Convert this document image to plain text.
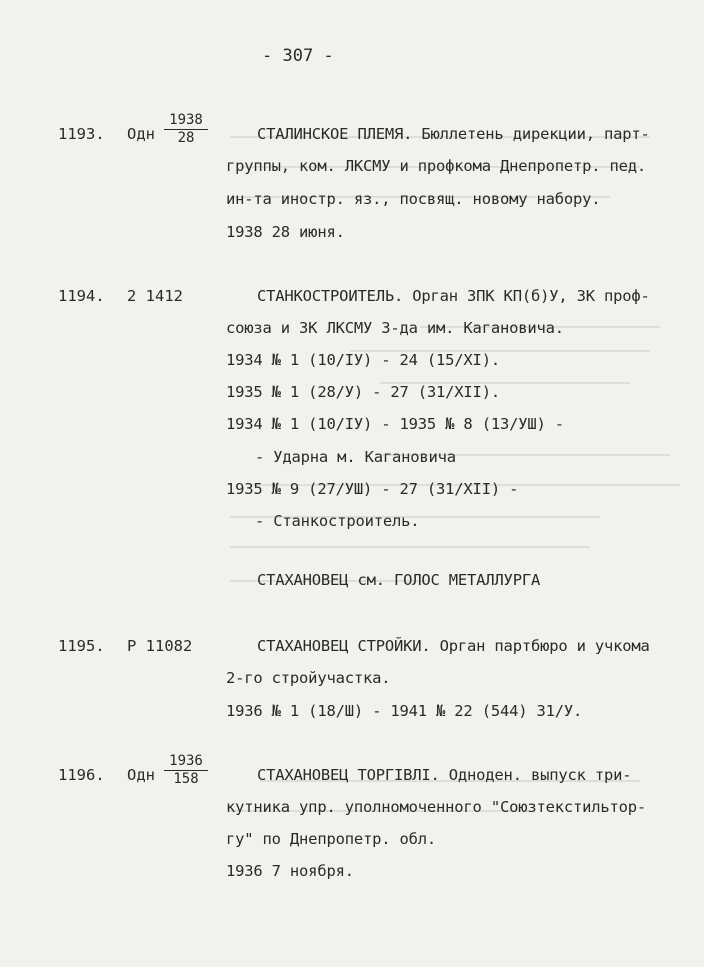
- 307 -
1193. Одн $\frac{1938}{28}$	СТАЛИНСКОЕ ПЛЕМЯ. Бюллетень дирекции, парт-
группы, ком. ЛКСМУ и профкома Днепропетр. пед.
ин-та иностр. яз., посвящ. новому набору.
1938 28 июня.
1194. 2 1412	СТАНКОСТРОИТЕЛЬ. Орган ЗПК КП(б)У, ЗК проф-
союза и ЗК ЛКСМУ З-да им. Кагановича.
1934 № 1 (10/IУ) - 24 (15/XI).
1935 № 1 (28/У) - 27 (31/XII).
1934 № 1 (10/IУ) - 1935 № 8 (13/УШ) -
- Ударна м. Кагановича
1935 № 9 (27/УШ) - 27 (31/XII) -
- Станкостроитель.
СТАХАНОВЕЦ см. ГОЛОС МЕТАЛЛУРГА
1195. Р 11082	СТАХАНОВЕЦ СТРОЙКИ. Орган партбюро и учкома
2-го стройучастка.
1936 № 1 (18/Ш) - 1941 № 22 (544) 31/У.
1196. Одн $\frac{1936}{158}$	СТАХАНОВЕЦ ТОРГІВЛІ. Одноден. выпуск три-
кутника упр. уполномоченного "Союзтекстильтор-
гу" по Днепропетр. обл.
1936 7 ноября.
